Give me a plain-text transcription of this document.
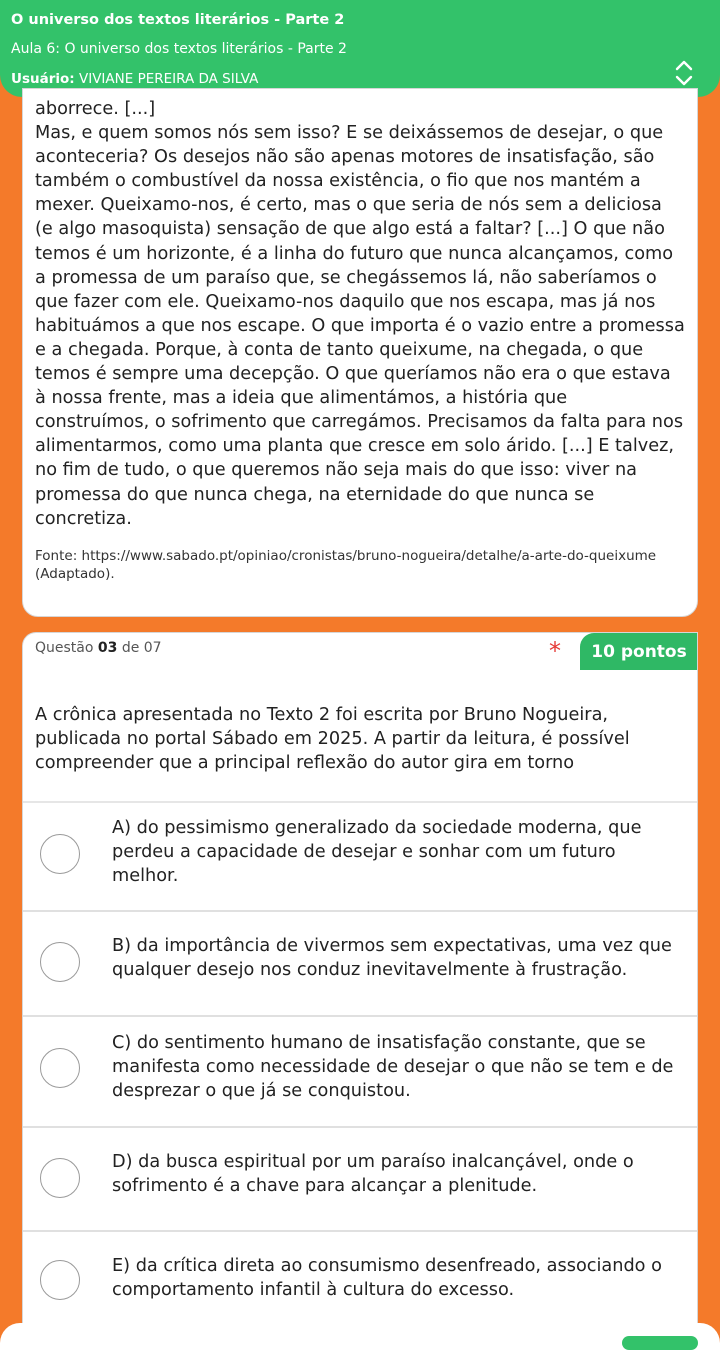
O universo dos textos literários - Parte 2
Aula 6: O universo dos textos literários - Parte 2
Usuário: VIVIANE PEREIRA DA SILVA

aborrece. [...]
Mas, e quem somos nós sem isso? E se deixássemos de desejar, o que aconteceria? Os desejos não são apenas motores de insatisfação, são também o combustível da nossa existência, o fio que nos mantém a mexer. Queixamo-nos, é certo, mas o que seria de nós sem a deliciosa (e algo masoquista) sensação de que algo está a faltar? [...] O que não temos é um horizonte, é a linha do futuro que nunca alcançamos, como a promessa de um paraíso que, se chegássemos lá, não saberíamos o que fazer com ele. Queixamo-nos daquilo que nos escapa, mas já nos habituámos a que nos escape. O que importa é o vazio entre a promessa e a chegada. Porque, à conta de tanto queixume, na chegada, o que temos é sempre uma decepção. O que queríamos não era o que estava à nossa frente, mas a ideia que alimentámos, a história que construímos, o sofrimento que carregámos. Precisamos da falta para nos alimentarmos, como uma planta que cresce em solo árido. [...] E talvez, no fim de tudo, o que queremos não seja mais do que isso: viver na promessa do que nunca chega, na eternidade do que nunca se concretiza.

Fonte: https://www.sabado.pt/opiniao/cronistas/bruno-nogueira/detalhe/a-arte-do-queixume (Adaptado).

Questão 03 de 07	*	10 pontos

A crônica apresentada no Texto 2 foi escrita por Bruno Nogueira, publicada no portal Sábado em 2025. A partir da leitura, é possível compreender que a principal reflexão do autor gira em torno

A) do pessimismo generalizado da sociedade moderna, que perdeu a capacidade de desejar e sonhar com um futuro melhor.

B) da importância de vivermos sem expectativas, uma vez que qualquer desejo nos conduz inevitavelmente à frustração.

C) do sentimento humano de insatisfação constante, que se manifesta como necessidade de desejar o que não se tem e de desprezar o que já se conquistou.

D) da busca espiritual por um paraíso inalcançável, onde o sofrimento é a chave para alcançar a plenitude.

E) da crítica direta ao consumismo desenfreado, associando o comportamento infantil à cultura do excesso.
